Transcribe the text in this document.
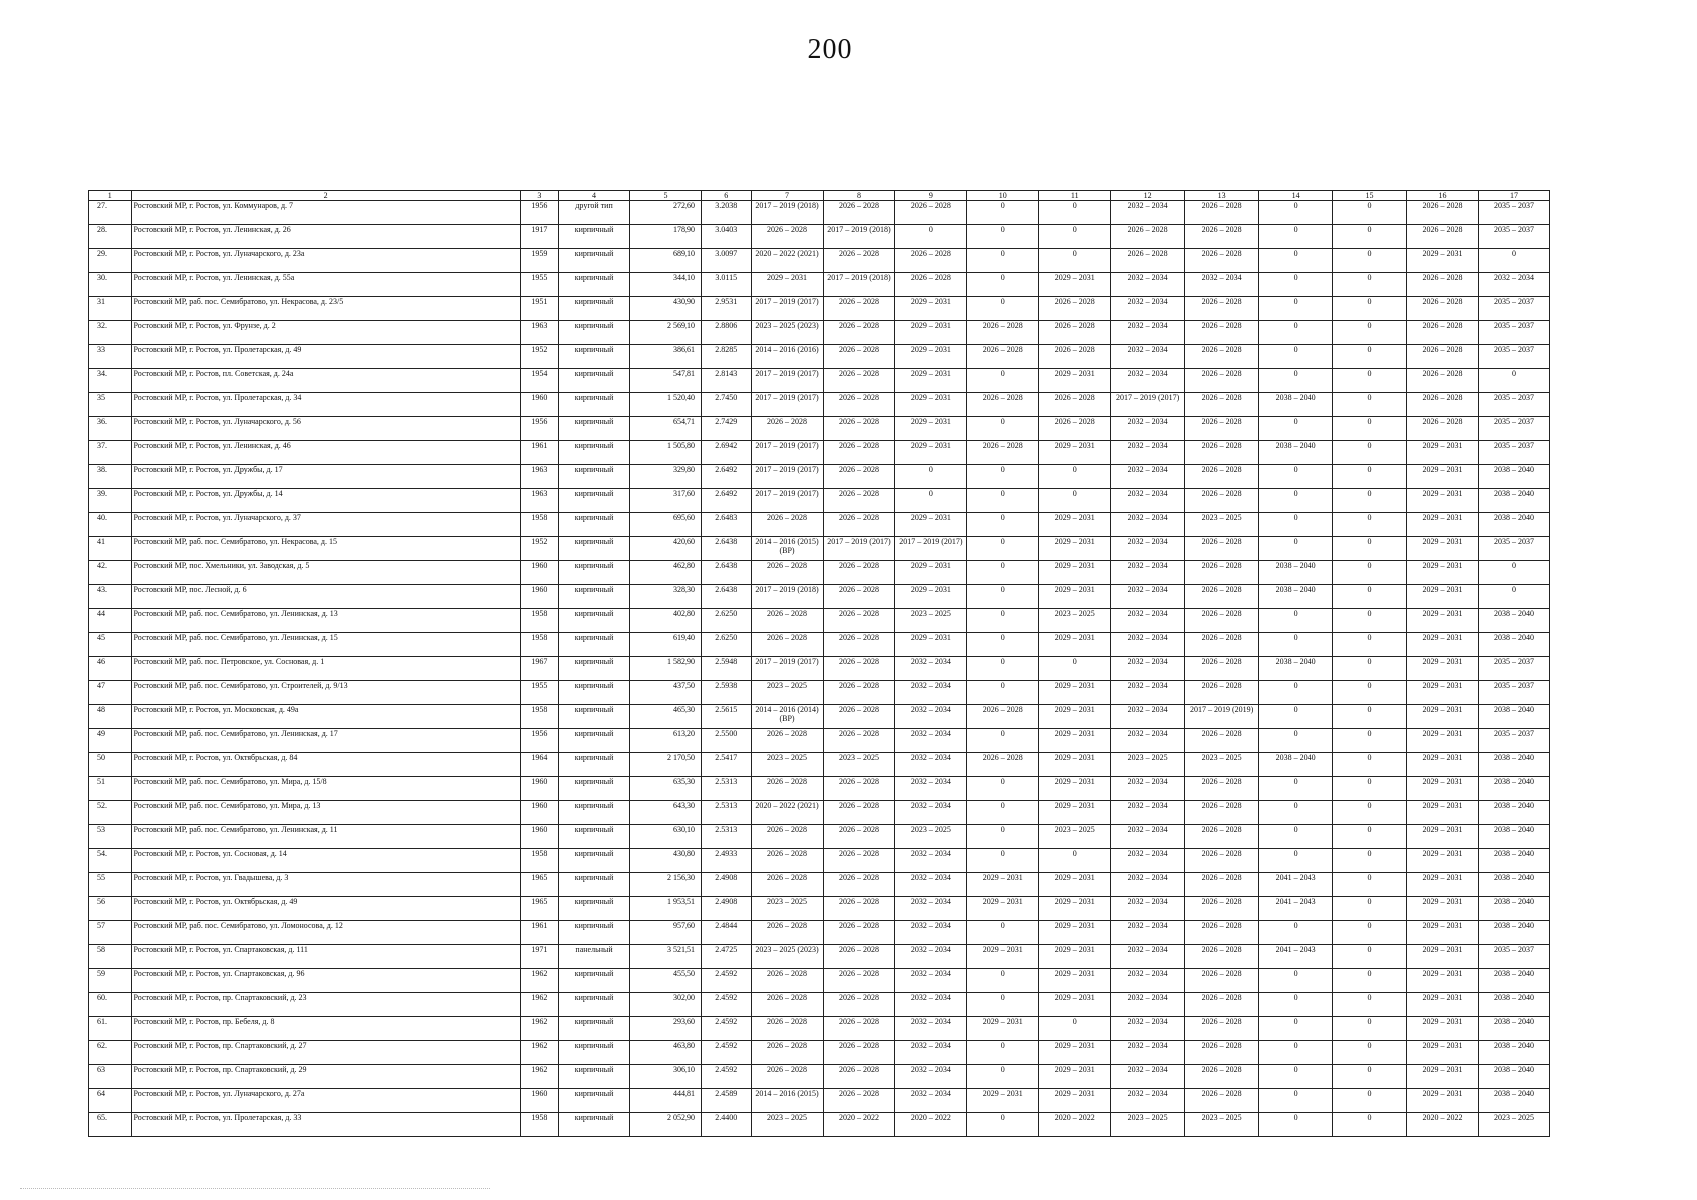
200
1	2	3	4	5	6	7	8	9	10	11	12	13	14	15	16	17
27.	Ростовский МР, г. Ростов, ул. Коммунаров, д. 7	1956	другой тип	272,60	3.2038	2017 – 2019 (2018)	2026 – 2028	2026 – 2028	0	0	2032 – 2034	2026 – 2028	0	0	2026 – 2028	2035 – 2037
28.	Ростовский МР, г. Ростов, ул. Ленинская, д. 26	1917	кирпичный	178,90	3.0403	2026 – 2028	2017 – 2019 (2018)	0	0	0	2026 – 2028	2026 – 2028	0	0	2026 – 2028	2035 – 2037
29.	Ростовский МР, г. Ростов, ул. Луначарского, д. 23а	1959	кирпичный	689,10	3.0097	2020 – 2022 (2021)	2026 – 2028	2026 – 2028	0	0	2026 – 2028	2026 – 2028	0	0	2029 – 2031	0
30.	Ростовский МР, г. Ростов, ул. Ленинская, д. 55а	1955	кирпичный	344,10	3.0115	2029 – 2031	2017 – 2019 (2018)	2026 – 2028	0	2029 – 2031	2032 – 2034	2032 – 2034	0	0	2026 – 2028	2032 – 2034
31	Ростовский МР, раб. пос. Семибратово, ул. Некрасова, д. 23/5	1951	кирпичный	430,90	2.9531	2017 – 2019 (2017)	2026 – 2028	2029 – 2031	0	2026 – 2028	2032 – 2034	2026 – 2028	0	0	2026 – 2028	2035 – 2037
32.	Ростовский МР, г. Ростов, ул. Фрунзе, д. 2	1963	кирпичный	2 569,10	2.8806	2023 – 2025 (2023)	2026 – 2028	2029 – 2031	2026 – 2028	2026 – 2028	2032 – 2034	2026 – 2028	0	0	2026 – 2028	2035 – 2037
33	Ростовский МР, г. Ростов, ул. Пролетарская, д. 49	1952	кирпичный	386,61	2.8285	2014 – 2016 (2016)	2026 – 2028	2029 – 2031	2026 – 2028	2026 – 2028	2032 – 2034	2026 – 2028	0	0	2026 – 2028	2035 – 2037
34.	Ростовский МР, г. Ростов, пл. Советская, д. 24а	1954	кирпичный	547,81	2.8143	2017 – 2019 (2017)	2026 – 2028	2029 – 2031	0	2029 – 2031	2032 – 2034	2026 – 2028	0	0	2026 – 2028	0
35	Ростовский МР, г. Ростов, ул. Пролетарская, д. 34	1960	кирпичный	1 520,40	2.7450	2017 – 2019 (2017)	2026 – 2028	2029 – 2031	2026 – 2028	2026 – 2028	2017 – 2019 (2017)	2026 – 2028	2038 – 2040	0	2026 – 2028	2035 – 2037
36.	Ростовский МР, г. Ростов, ул. Луначарского, д. 56	1956	кирпичный	654,71	2.7429	2026 – 2028	2026 – 2028	2029 – 2031	0	2026 – 2028	2032 – 2034	2026 – 2028	0	0	2026 – 2028	2035 – 2037
37.	Ростовский МР, г. Ростов, ул. Ленинская, д. 46	1961	кирпичный	1 505,80	2.6942	2017 – 2019 (2017)	2026 – 2028	2029 – 2031	2026 – 2028	2029 – 2031	2032 – 2034	2026 – 2028	2038 – 2040	0	2029 – 2031	2035 – 2037
38.	Ростовский МР, г. Ростов, ул. Дружбы, д. 17	1963	кирпичный	329,80	2.6492	2017 – 2019 (2017)	2026 – 2028	0	0	0	2032 – 2034	2026 – 2028	0	0	2029 – 2031	2038 – 2040
39.	Ростовский МР, г. Ростов, ул. Дружбы, д. 14	1963	кирпичный	317,60	2.6492	2017 – 2019 (2017)	2026 – 2028	0	0	0	2032 – 2034	2026 – 2028	0	0	2029 – 2031	2038 – 2040
40.	Ростовский МР, г. Ростов, ул. Луначарского, д. 37	1958	кирпичный	695,60	2.6483	2026 – 2028	2026 – 2028	2029 – 2031	0	2029 – 2031	2032 – 2034	2023 – 2025	0	0	2029 – 2031	2038 – 2040
41	Ростовский МР, раб. пос. Семибратово, ул. Некрасова, д. 15	1952	кирпичный	420,60	2.6438	2014 – 2016 (2015) (ВР)	2017 – 2019 (2017)	2017 – 2019 (2017)	0	2029 – 2031	2032 – 2034	2026 – 2028	0	0	2029 – 2031	2035 – 2037
42.	Ростовский МР, пос. Хмельники, ул. Заводская, д. 5	1960	кирпичный	462,80	2.6438	2026 – 2028	2026 – 2028	2029 – 2031	0	2029 – 2031	2032 – 2034	2026 – 2028	2038 – 2040	0	2029 – 2031	0
43.	Ростовский МР, пос. Лесной, д. 6	1960	кирпичный	328,30	2.6438	2017 – 2019 (2018)	2026 – 2028	2029 – 2031	0	2029 – 2031	2032 – 2034	2026 – 2028	2038 – 2040	0	2029 – 2031	0
44	Ростовский МР, раб. пос. Семибратово, ул. Ленинская, д. 13	1958	кирпичный	402,80	2.6250	2026 – 2028	2026 – 2028	2023 – 2025	0	2023 – 2025	2032 – 2034	2026 – 2028	0	0	2029 – 2031	2038 – 2040
45	Ростовский МР, раб. пос. Семибратово, ул. Ленинская, д. 15	1958	кирпичный	619,40	2.6250	2026 – 2028	2026 – 2028	2029 – 2031	0	2029 – 2031	2032 – 2034	2026 – 2028	0	0	2029 – 2031	2038 – 2040
46	Ростовский МР, раб. пос. Петровское, ул. Сосновая, д. 1	1967	кирпичный	1 582,90	2.5948	2017 – 2019 (2017)	2026 – 2028	2032 – 2034	0	0	2032 – 2034	2026 – 2028	2038 – 2040	0	2029 – 2031	2035 – 2037
47	Ростовский МР, раб. пос. Семибратово, ул. Строителей, д. 9/13	1955	кирпичный	437,50	2.5938	2023 – 2025	2026 – 2028	2032 – 2034	0	2029 – 2031	2032 – 2034	2026 – 2028	0	0	2029 – 2031	2035 – 2037
48	Ростовский МР, г. Ростов, ул. Московская, д. 49а	1958	кирпичный	465,30	2.5615	2014 – 2016 (2014) (ВР)	2026 – 2028	2032 – 2034	2026 – 2028	2029 – 2031	2032 – 2034	2017 – 2019 (2019)	0	0	2029 – 2031	2038 – 2040
49	Ростовский МР, раб. пос. Семибратово, ул. Ленинская, д. 17	1956	кирпичный	613,20	2.5500	2026 – 2028	2026 – 2028	2032 – 2034	0	2029 – 2031	2032 – 2034	2026 – 2028	0	0	2029 – 2031	2035 – 2037
50	Ростовский МР, г. Ростов, ул. Октябрьская, д. 84	1964	кирпичный	2 170,50	2.5417	2023 – 2025	2023 – 2025	2032 – 2034	2026 – 2028	2029 – 2031	2023 – 2025	2023 – 2025	2038 – 2040	0	2029 – 2031	2038 – 2040
51	Ростовский МР, раб. пос. Семибратово, ул. Мира, д. 15/8	1960	кирпичный	635,30	2.5313	2026 – 2028	2026 – 2028	2032 – 2034	0	2029 – 2031	2032 – 2034	2026 – 2028	0	0	2029 – 2031	2038 – 2040
52.	Ростовский МР, раб. пос. Семибратово, ул. Мира, д. 13	1960	кирпичный	643,30	2.5313	2020 – 2022 (2021)	2026 – 2028	2032 – 2034	0	2029 – 2031	2032 – 2034	2026 – 2028	0	0	2029 – 2031	2038 – 2040
53	Ростовский МР, раб. пос. Семибратово, ул. Ленинская, д. 11	1960	кирпичный	630,10	2.5313	2026 – 2028	2026 – 2028	2023 – 2025	0	2023 – 2025	2032 – 2034	2026 – 2028	0	0	2029 – 2031	2038 – 2040
54.	Ростовский МР, г. Ростов, ул. Сосновая, д. 14	1958	кирпичный	430,80	2.4933	2026 – 2028	2026 – 2028	2032 – 2034	0	0	2032 – 2034	2026 – 2028	0	0	2029 – 2031	2038 – 2040
55	Ростовский МР, г. Ростов, ул. Гвадышева, д. 3	1965	кирпичный	2 156,30	2.4908	2026 – 2028	2026 – 2028	2032 – 2034	2029 – 2031	2029 – 2031	2032 – 2034	2026 – 2028	2041 – 2043	0	2029 – 2031	2038 – 2040
56	Ростовский МР, г. Ростов, ул. Октябрьская, д. 49	1965	кирпичный	1 953,51	2.4908	2023 – 2025	2026 – 2028	2032 – 2034	2029 – 2031	2029 – 2031	2032 – 2034	2026 – 2028	2041 – 2043	0	2029 – 2031	2038 – 2040
57	Ростовский МР, раб. пос. Семибратово, ул. Ломоносова, д. 12	1961	кирпичный	957,60	2.4844	2026 – 2028	2026 – 2028	2032 – 2034	0	2029 – 2031	2032 – 2034	2026 – 2028	0	0	2029 – 2031	2038 – 2040
58	Ростовский МР, г. Ростов, ул. Спартаковская, д. 111	1971	панельный	3 521,51	2.4725	2023 – 2025 (2023)	2026 – 2028	2032 – 2034	2029 – 2031	2029 – 2031	2032 – 2034	2026 – 2028	2041 – 2043	0	2029 – 2031	2035 – 2037
59	Ростовский МР, г. Ростов, ул. Спартаковская, д. 96	1962	кирпичный	455,50	2.4592	2026 – 2028	2026 – 2028	2032 – 2034	0	2029 – 2031	2032 – 2034	2026 – 2028	0	0	2029 – 2031	2038 – 2040
60.	Ростовский МР, г. Ростов, пр. Спартаковский, д. 23	1962	кирпичный	302,00	2.4592	2026 – 2028	2026 – 2028	2032 – 2034	0	2029 – 2031	2032 – 2034	2026 – 2028	0	0	2029 – 2031	2038 – 2040
61.	Ростовский МР, г. Ростов, пр. Бебеля, д. 8	1962	кирпичный	293,60	2.4592	2026 – 2028	2026 – 2028	2032 – 2034	2029 – 2031	0	2032 – 2034	2026 – 2028	0	0	2029 – 2031	2038 – 2040
62.	Ростовский МР, г. Ростов, пр. Спартаковский, д. 27	1962	кирпичный	463,80	2.4592	2026 – 2028	2026 – 2028	2032 – 2034	0	2029 – 2031	2032 – 2034	2026 – 2028	0	0	2029 – 2031	2038 – 2040
63	Ростовский МР, г. Ростов, пр. Спартаковский, д. 29	1962	кирпичный	306,10	2.4592	2026 – 2028	2026 – 2028	2032 – 2034	0	2029 – 2031	2032 – 2034	2026 – 2028	0	0	2029 – 2031	2038 – 2040
64	Ростовский МР, г. Ростов, ул. Луначарского, д. 27а	1960	кирпичный	444,81	2.4589	2014 – 2016 (2015)	2026 – 2028	2032 – 2034	2029 – 2031	2029 – 2031	2032 – 2034	2026 – 2028	0	0	2029 – 2031	2038 – 2040
65.	Ростовский МР, г. Ростов, ул. Пролетарская, д. 33	1958	кирпичный	2 052,90	2.4400	2023 – 2025	2020 – 2022	2020 – 2022	0	2020 – 2022	2023 – 2025	2023 – 2025	0	0	2020 – 2022	2023 – 2025
